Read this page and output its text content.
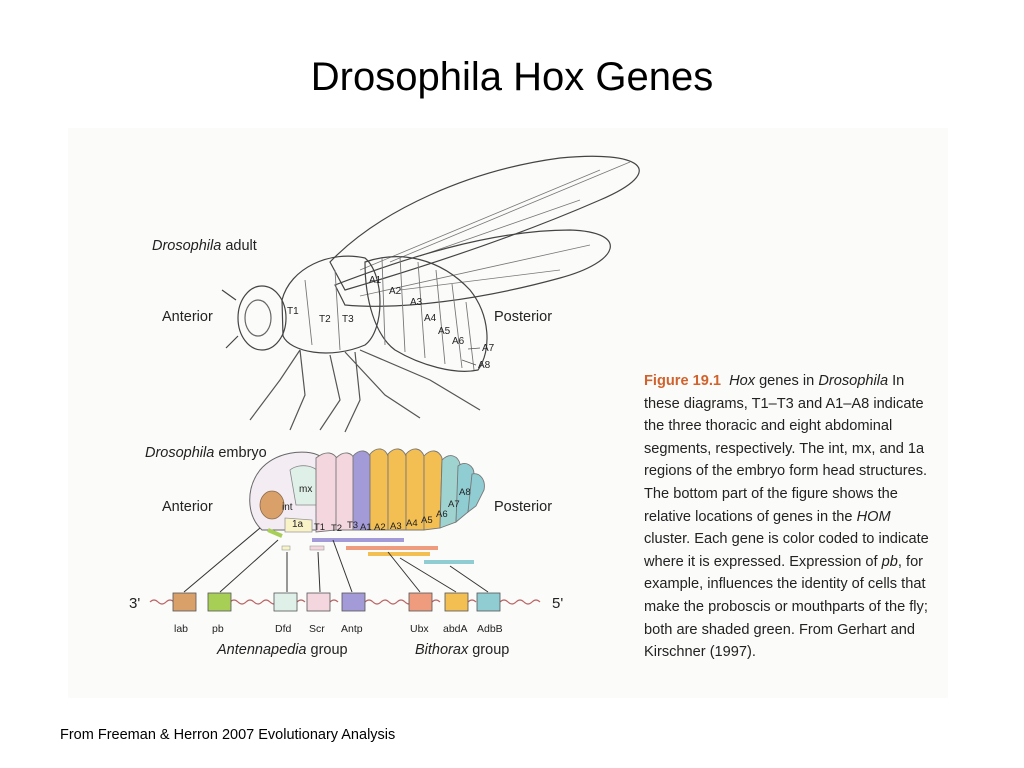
Drosophila Hox Genes
Drosophila adult
Anterior	Posterior
T1
T2 T3
A1
A2
A3
A4
A5
A6
A7
A8
Drosophila embryo
Anterior	Posterior
int
mx
1a T1 T2 T3 A1 A2 A3 A4 A5
A6
A7
A8
3'	5'
lab pb	Dfd Scr Antp	Ubx abdA AdbB
Antennapedia group	Bithorax group
Figure 19.1 Hox genes in Drosophila In these diagrams, T1–T3 and A1–A8 indicate the three thoracic and eight abdominal segments, respectively. The int, mx, and 1a regions of the embryo form head structures. The bottom part of the figure shows the relative locations of genes in the HOM cluster. Each gene is color coded to indicate where it is expressed. Expression of pb, for example, influences the identity of cells that make the proboscis or mouthparts of the fly; both are shaded green. From Gerhart and Kirschner (1997).
From Freeman & Herron 2007 Evolutionary Analysis
